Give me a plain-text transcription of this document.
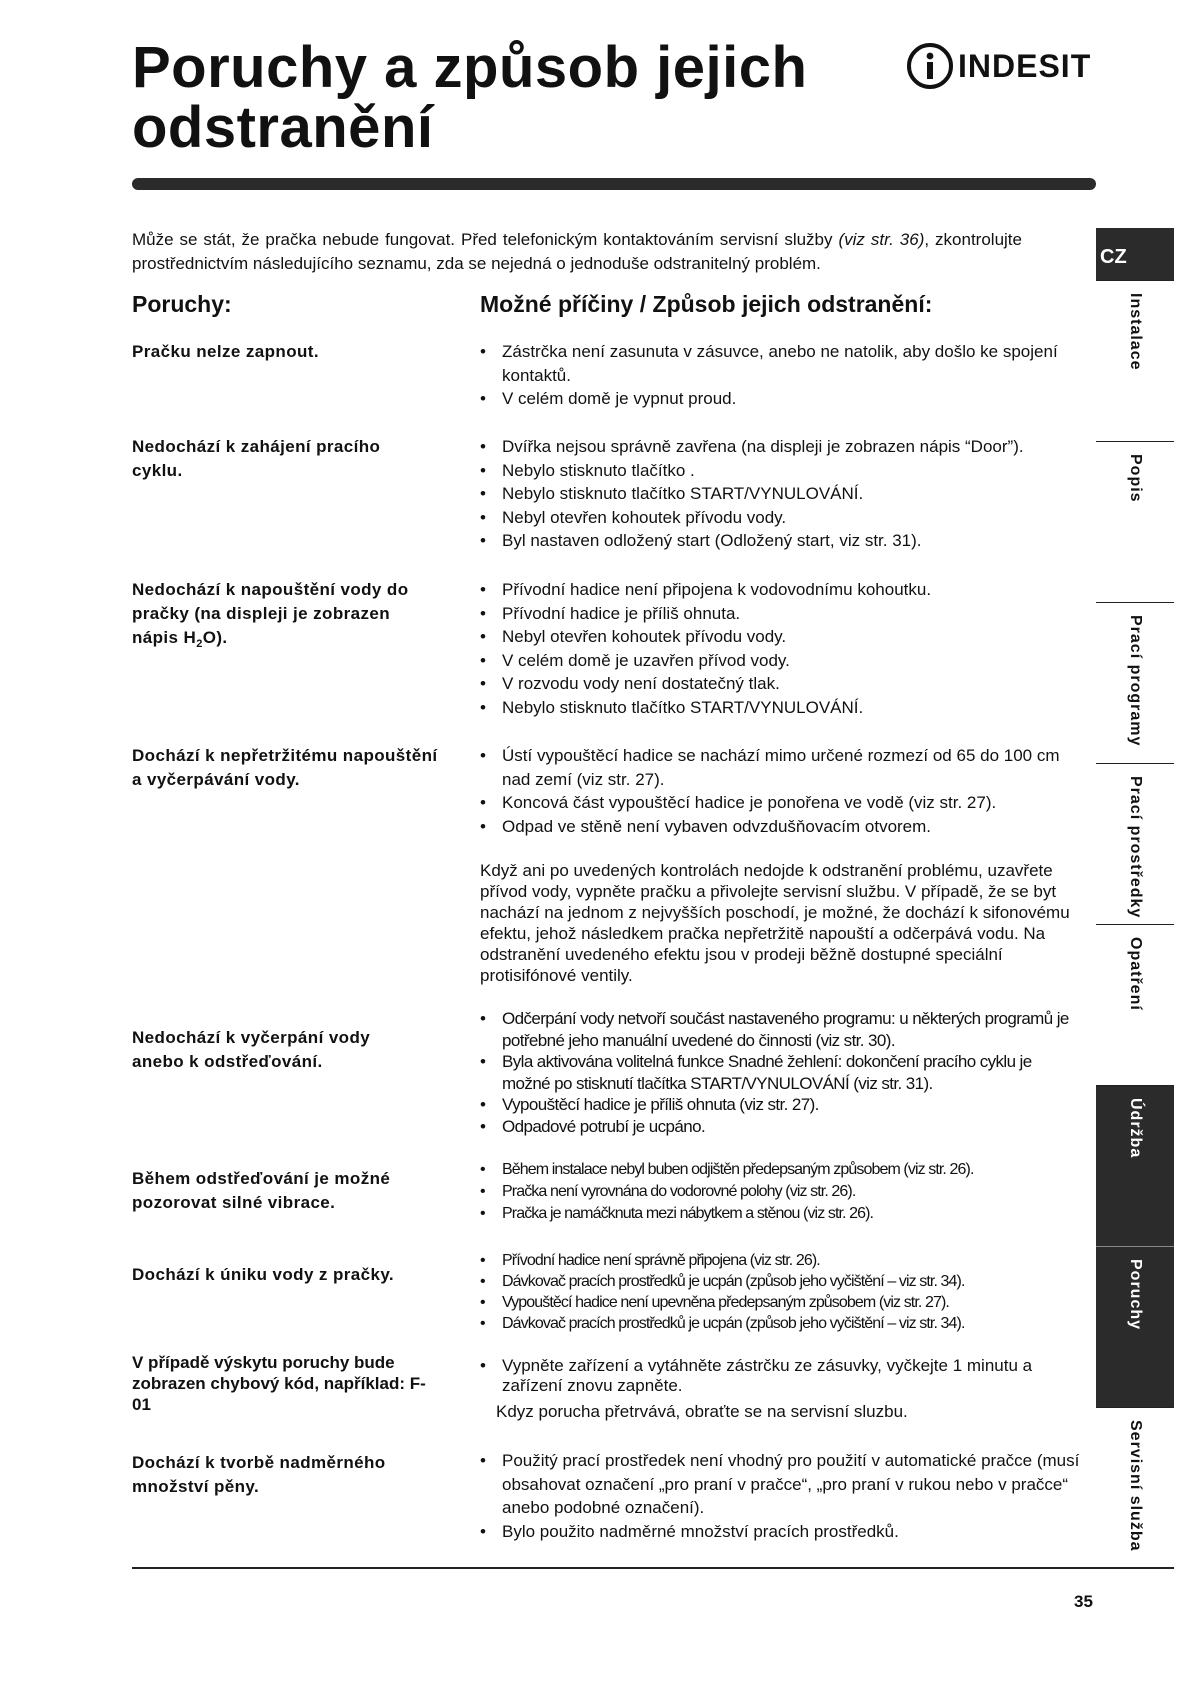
Poruchy a způsob jejich
odstranění
INDESIT

Může se stát, že pračka nebude fungovat. Před telefonickým kontaktováním servisní služby (viz str. 36), zkontrolujte prostřednictvím následujícího seznamu, zda se nejedná o jednoduše odstranitelný problém.

Poruchy:	Možné příčiny / Způsob jejich odstranění:

Pračku nelze zapnout.

•	Zástrčka není zasunuta v zásuvce, anebo ne natolik, aby došlo ke spojení kontaktů.
• V celém domě je vypnut proud.

Nedochází k zahájení pracího cyklu.

• Dvířka nejsou správně zavřena (na displeji je zobrazen nápis “Door”).
• Nebylo stisknuto tlačítko .
• Nebylo stisknuto tlačítko START/VYNULOVÁNÍ.
• Nebyl otevřen kohoutek přívodu vody.
• Byl nastaven odložený start (Odložený start, viz str. 31).

Nedochází k napouštění vody do pračky (na displeji je zobrazen nápis $H_2O$).

• Přívodní hadice není připojena k vodovodnímu kohoutku.
• Přívodní hadice je příliš ohnuta.
• Nebyl otevřen kohoutek přívodu vody.
• V celém domě je uzavřen přívod vody.
• V rozvodu vody není dostatečný tlak.
• Nebylo stisknuto tlačítko START/VYNULOVÁNÍ.

Dochází k nepřetržitému napouštění a vyčerpávání vody.

• Ústí vypouštěcí hadice se nachází mimo určené rozmezí od 65 do 100 cm nad zemí (viz str. 27).
• Koncová část vypouštěcí hadice je ponořena ve vodě (viz str. 27).
• Odpad ve stěně není vybaven odvzdušňovacím otvorem.

Když ani po uvedených kontrolách nedojde k odstranění problému, uzavřete přívod vody, vypněte pračku a přivolejte servisní službu. V případě, že se byt nachází na jednom z nejvyšších poschodí, je možné, že dochází k sifonovému efektu, jehož následkem pračka nepřetržitě napouští a odčerpává vodu. Na odstranění uvedeného efektu jsou v prodeji běžně dostupné speciální protisifónové ventily.

Nedochází k vyčerpání vody anebo k odstřeďování.

• Odčerpání vody netvoří součást nastaveného programu: u některých programů je potřebné jeho manuální uvedené do činnosti (viz str. 30).
• Byla aktivována volitelná funkce Snadné žehlení: dokončení pracího cyklu je možné po stisknutí tlačítka START/VYNULOVÁNÍ (viz str. 31).
• Vypouštěcí hadice je příliš ohnuta (viz str. 27).
• Odpadové potrubí je ucpáno.

Během odstřeďování je možné pozorovat silné vibrace.

• Během instalace nebyl buben odjištěn předepsaným způsobem (viz str. 26).
• Pračka není vyrovnána do vodorovné polohy (viz str. 26).
• Pračka je namáčknuta mezi nábytkem a stěnou (viz str. 26).

Dochází k úniku vody z pračky.

• Přívodní hadice není správně připojena (viz str. 26).
• Dávkovač pracích prostředků je ucpán (způsob jeho vyčištění – viz str. 34).
• Vypouštěcí hadice není upevněna předepsaným způsobem (viz str. 27).
• Dávkovač pracích prostředků je ucpán (způsob jeho vyčištění – viz str. 34).

V případě výskytu poruchy bude zobrazen chybový kód, například: F-01

• Vypněte zařízení a vytáhněte zástrčku ze zásuvky, vyčkejte 1 minutu a zařízení znovu zapněte.

Kdyz porucha přetrvává, obraťte se na servisní sluzbu.

Dochází k tvorbě nadměrného množství pěny.

• Použitý prací prostředek není vhodný pro použití v automatické pračce (musí obsahovat označení „pro praní v pračce“, „pro praní v rukou nebo v pračce“ anebo podobné označení).
• Bylo použito nadměrné množství pracích prostředků.
CZ
Instalace
Popis
Prací programy
Prací prostředky
Opatření
Údržba
Poruchy
Servisní služba
35
